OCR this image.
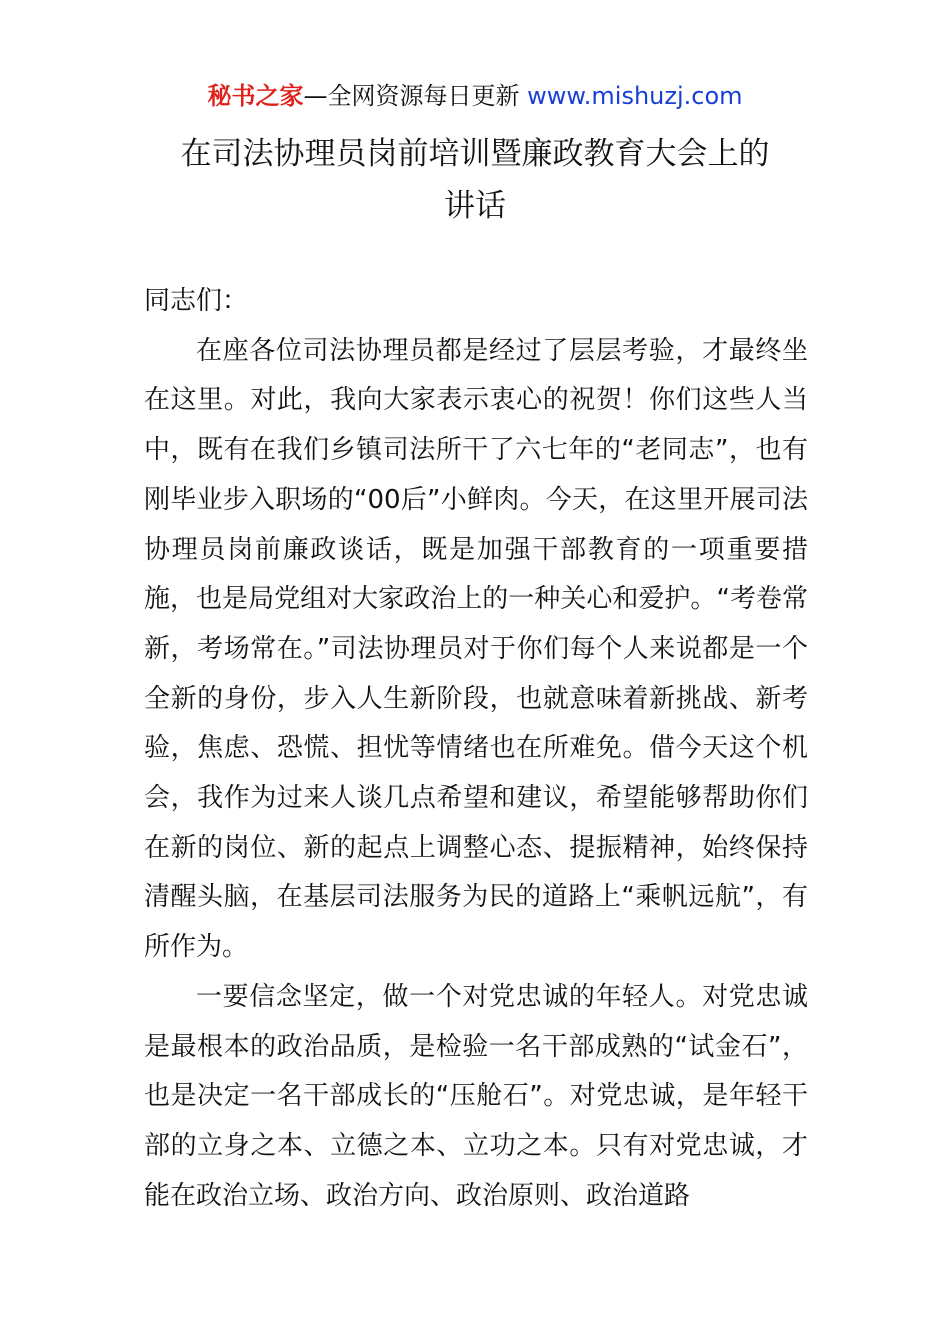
秘书之家—全网资源每日更新 www.mishuzj.com
在司法协理员岗前培训暨廉政教育大会上的
讲话

同志们：

在座各位司法协理员都是经过了层层考验，才最终坐在这里。对此，我向大家表示衷心的祝贺！你们这些人当中，既有在我们乡镇司法所干了六七年的“老同志”，也有刚毕业步入职场的“00后”小鲜肉。今天，在这里开展司法协理员岗前廉政谈话，既是加强干部教育的一项重要措施，也是局党组对大家政治上的一种关心和爱护。“考卷常新，考场常在。”司法协理员对于你们每个人来说都是一个全新的身份，步入人生新阶段，也就意味着新挑战、新考验，焦虑、恐慌、担忧等情绪也在所难免。借今天这个机会，我作为过来人谈几点希望和建议，希望能够帮助你们在新的岗位、新的起点上调整心态、提振精神，始终保持清醒头脑，在基层司法服务为民的道路上“乘帆远航”，有所作为。

一要信念坚定，做一个对党忠诚的年轻人。对党忠诚是最根本的政治品质，是检验一名干部成熟的“试金石”，也是决定一名干部成长的“压舱石”。对党忠诚，是年轻干部的立身之本、立德之本、立功之本。只有对党忠诚，才能在政治立场、政治方向、政治原则、政治道路
